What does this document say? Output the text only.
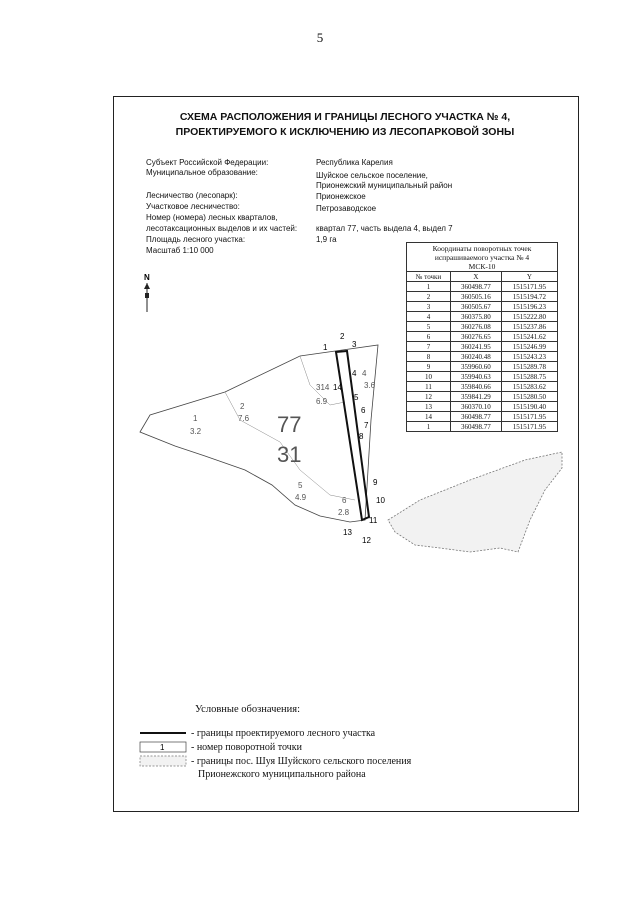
5
СХЕМА РАСПОЛОЖЕНИЯ И ГРАНИЦЫ ЛЕСНОГО УЧАСТКА № 4,
ПРОЕКТИРУЕМОГО К ИСКЛЮЧЕНИЮ ИЗ ЛЕСОПАРКОВОЙ ЗОНЫ
Субъект Российской Федерации:	Республика Карелия
Муниципальное образование:	Шуйское сельское поселение,
Прионежский муниципальный район
Лесничество (лесопарк):	Прионежское
Участковое лесничество:	Петрозаводское
Номер (номера) лесных кварталов,
лесотаксационных выделов и их частей: квартал 77, часть выдела 4, выдел 7
Площадь лесного участка:	1,9 га
Масштаб 1:10 000	Координаты поворотных точек
испрашиваемого участка № 4
МСК-10		

№ точки	X	Y
1	360498.77	1515171.95
2	360505.16	1515194.72
3	360505.67	1515196.23
4	360375.80	1515222.80
5	360276.08	1515237.86
6	360276.65	1515241.62
7	360241.95	1515246.99
8	360240.48	1515243.23
9	359960.60	1515289.78
10	359940.63	1515288.75
11	359840.66	1515283.62
12	359841.29	1515280.50
13	360370.10	1515190.40
14	360498.77	1515171.95
1	360498.77	1515171.95
N
77
31
1
3.2
2
7.6
314
6.9
4
3.6
5
4.9	6
2.8
1
2
3
4
5
6
7
8
9
10
11
12
13
14
1
Условные обозначения:
- границы проектируемого лесного участка
- номер поворотной точки
- границы пос. Шуя Шуйского сельского поселения
Прионежского муниципального района
